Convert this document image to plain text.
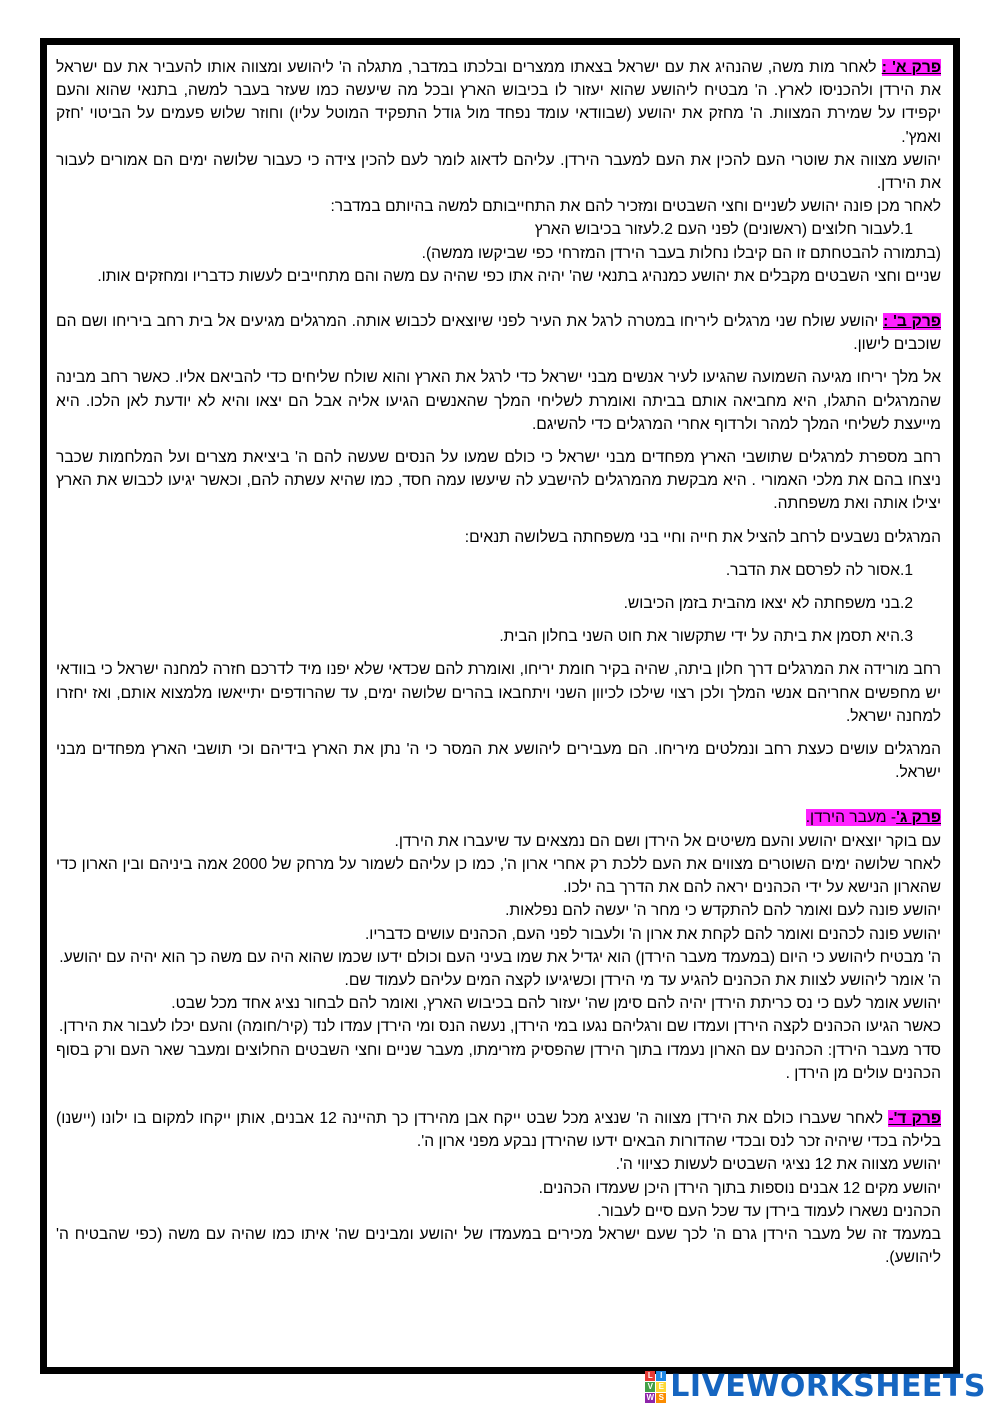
פרק א' : לאחר מות משה, שהנהיג את עם ישראל בצאתו ממצרים ובלכתו במדבר, מתגלה ה' ליהושע ומצווה אותו להעביר את עם ישראל את הירדן ולהכניסו לארץ. ה' מבטיח ליהושע שהוא יעזור לו בכיבוש הארץ ובכל מה שיעשה כמו שעזר בעבר למשה, בתנאי שהוא והעם יקפידו על שמירת המצוות. ה' מחזק את יהושע (שבוודאי עומד נפחד מול גודל התפקיד המוטל עליו) וחוזר שלוש פעמים על הביטוי 'חזק ואמץ'.

יהושע מצווה את שוטרי העם להכין את העם למעבר הירדן. עליהם לדאוג לומר לעם להכין צידה כי כעבור שלושה ימים הם אמורים לעבור את הירדן.

לאחר מכן פונה יהושע לשניים וחצי השבטים ומזכיר להם את התחייבותם למשה בהיותם במדבר:

1.לעבור חלוצים (ראשונים) לפני העם 2.לעזור בכיבוש הארץ

(בתמורה להבטחתם זו הם קיבלו נחלות בעבר הירדן המזרחי כפי שביקשו ממשה).

שניים וחצי השבטים מקבלים את יהושע כמנהיג בתנאי שה' יהיה אתו כפי שהיה עם משה והם מתחייבים לעשות כדבריו ומחזקים אותו.

פרק ב' : יהושע שולח שני מרגלים ליריחו במטרה לרגל את העיר לפני שיוצאים לכבוש אותה. המרגלים מגיעים אל בית רחב ביריחו ושם הם שוכבים לישון.

אל מלך יריחו מגיעה השמועה שהגיעו לעיר אנשים מבני ישראל כדי לרגל את הארץ והוא שולח שליחים כדי להביאם אליו. כאשר רחב מבינה שהמרגלים התגלו, היא מחביאה אותם בביתה ואומרת לשליחי המלך שהאנשים הגיעו אליה אבל הם יצאו והיא לא יודעת לאן הלכו. היא מייעצת לשליחי המלך למהר ולרדוף אחרי המרגלים כדי להשיגם.

רחב מספרת למרגלים שתושבי הארץ מפחדים מבני ישראל כי כולם שמעו על הנסים שעשה להם ה' ביציאת מצרים ועל המלחמות שכבר ניצחו בהם את מלכי האמורי . היא מבקשת מהמרגלים להישבע לה שיעשו עמה חסד, כמו שהיא עשתה להם, וכאשר יגיעו לכבוש את הארץ יצילו אותה ואת משפחתה.

המרגלים נשבעים לרחב להציל את חייה וחיי בני משפחתה בשלושה תנאים:

1.אסור לה לפרסם את הדבר.

2.בני משפחתה לא יצאו מהבית בזמן הכיבוש.

3.היא תסמן את ביתה על ידי שתקשור את חוט השני בחלון הבית.

רחב מורידה את המרגלים דרך חלון ביתה, שהיה בקיר חומת יריחו, ואומרת להם שכדאי שלא יפנו מיד לדרכם חזרה למחנה ישראל כי בוודאי יש מחפשים אחריהם אנשי המלך ולכן רצוי שילכו לכיוון השני ויתחבאו בהרים שלושה ימים, עד שהרודפים יתייאשו מלמצוא אותם, ואז יחזרו למחנה ישראל.

המרגלים עושים כעצת רחב ונמלטים מיריחו. הם מעבירים ליהושע את המסר כי ה' נתן את הארץ בידיהם וכי תושבי הארץ מפחדים מבני ישראל.

פרק ג'- מעבר הירדן.

עם בוקר יוצאים יהושע והעם משיטים אל הירדן ושם הם נמצאים עד שיעברו את הירדן.

לאחר שלושה ימים השוטרים מצווים את העם ללכת רק אחרי ארון ה', כמו כן עליהם לשמור על מרחק של 2000 אמה ביניהם ובין הארון כדי שהארון הנישא על ידי הכהנים יראה להם את הדרך בה ילכו.

יהושע פונה לעם ואומר להם להתקדש כי מחר ה' יעשה להם נפלאות.

יהושע פונה לכהנים ואומר להם לקחת את ארון ה' ולעבור לפני העם, הכהנים עושים כדבריו.

ה' מבטיח ליהושע כי היום (במעמד מעבר הירדן) הוא יגדיל את שמו בעיני העם וכולם ידעו שכמו שהוא היה עם משה כך הוא יהיה עם יהושע.

ה' אומר ליהושע לצוות את הכהנים להגיע עד מי הירדן וכשיגיעו לקצה המים עליהם לעמוד שם.

יהושע אומר לעם כי נס כריתת הירדן יהיה להם סימן שה' יעזור להם בכיבוש הארץ, ואומר להם לבחור נציג אחד מכל שבט.

כאשר הגיעו הכהנים לקצה הירדן ועמדו שם ורגליהם נגעו במי הירדן, נעשה הנס ומי הירדן עמדו לנד (קיר/חומה) והעם יכלו לעבור את הירדן.

סדר מעבר הירדן: הכהנים עם הארון נעמדו בתוך הירדן שהפסיק מזרימתו, מעבר שניים וחצי השבטים החלוצים ומעבר שאר העם ורק בסוף הכהנים עולים מן הירדן .

פרק ד'- לאחר שעברו כולם את הירדן מצווה ה' שנציג מכל שבט ייקח אבן מהירדן כך תהיינה 12 אבנים, אותן ייקחו למקום בו ילונו (יישנו) בלילה בכדי שיהיה זכר לנס ובכדי שהדורות הבאים ידעו שהירדן נבקע מפני ארון ה'.

יהושע מצווה את 12 נציגי השבטים לעשות כציווי ה'.

יהושע מקים 12 אבנים נוספות בתוך הירדן היכן שעמדו הכהנים.

הכהנים נשארו לעמוד בירדן עד שכל העם סיים לעבור.

במעמד זה של מעבר הירדן גרם ה' לכך שעם ישראל מכירים במעמדו של יהושע ומבינים שה' איתו כמו שהיה עם משה (כפי שהבטיח ה' ליהושע).

L I
V E
W S LIVEWORKSHEETS
